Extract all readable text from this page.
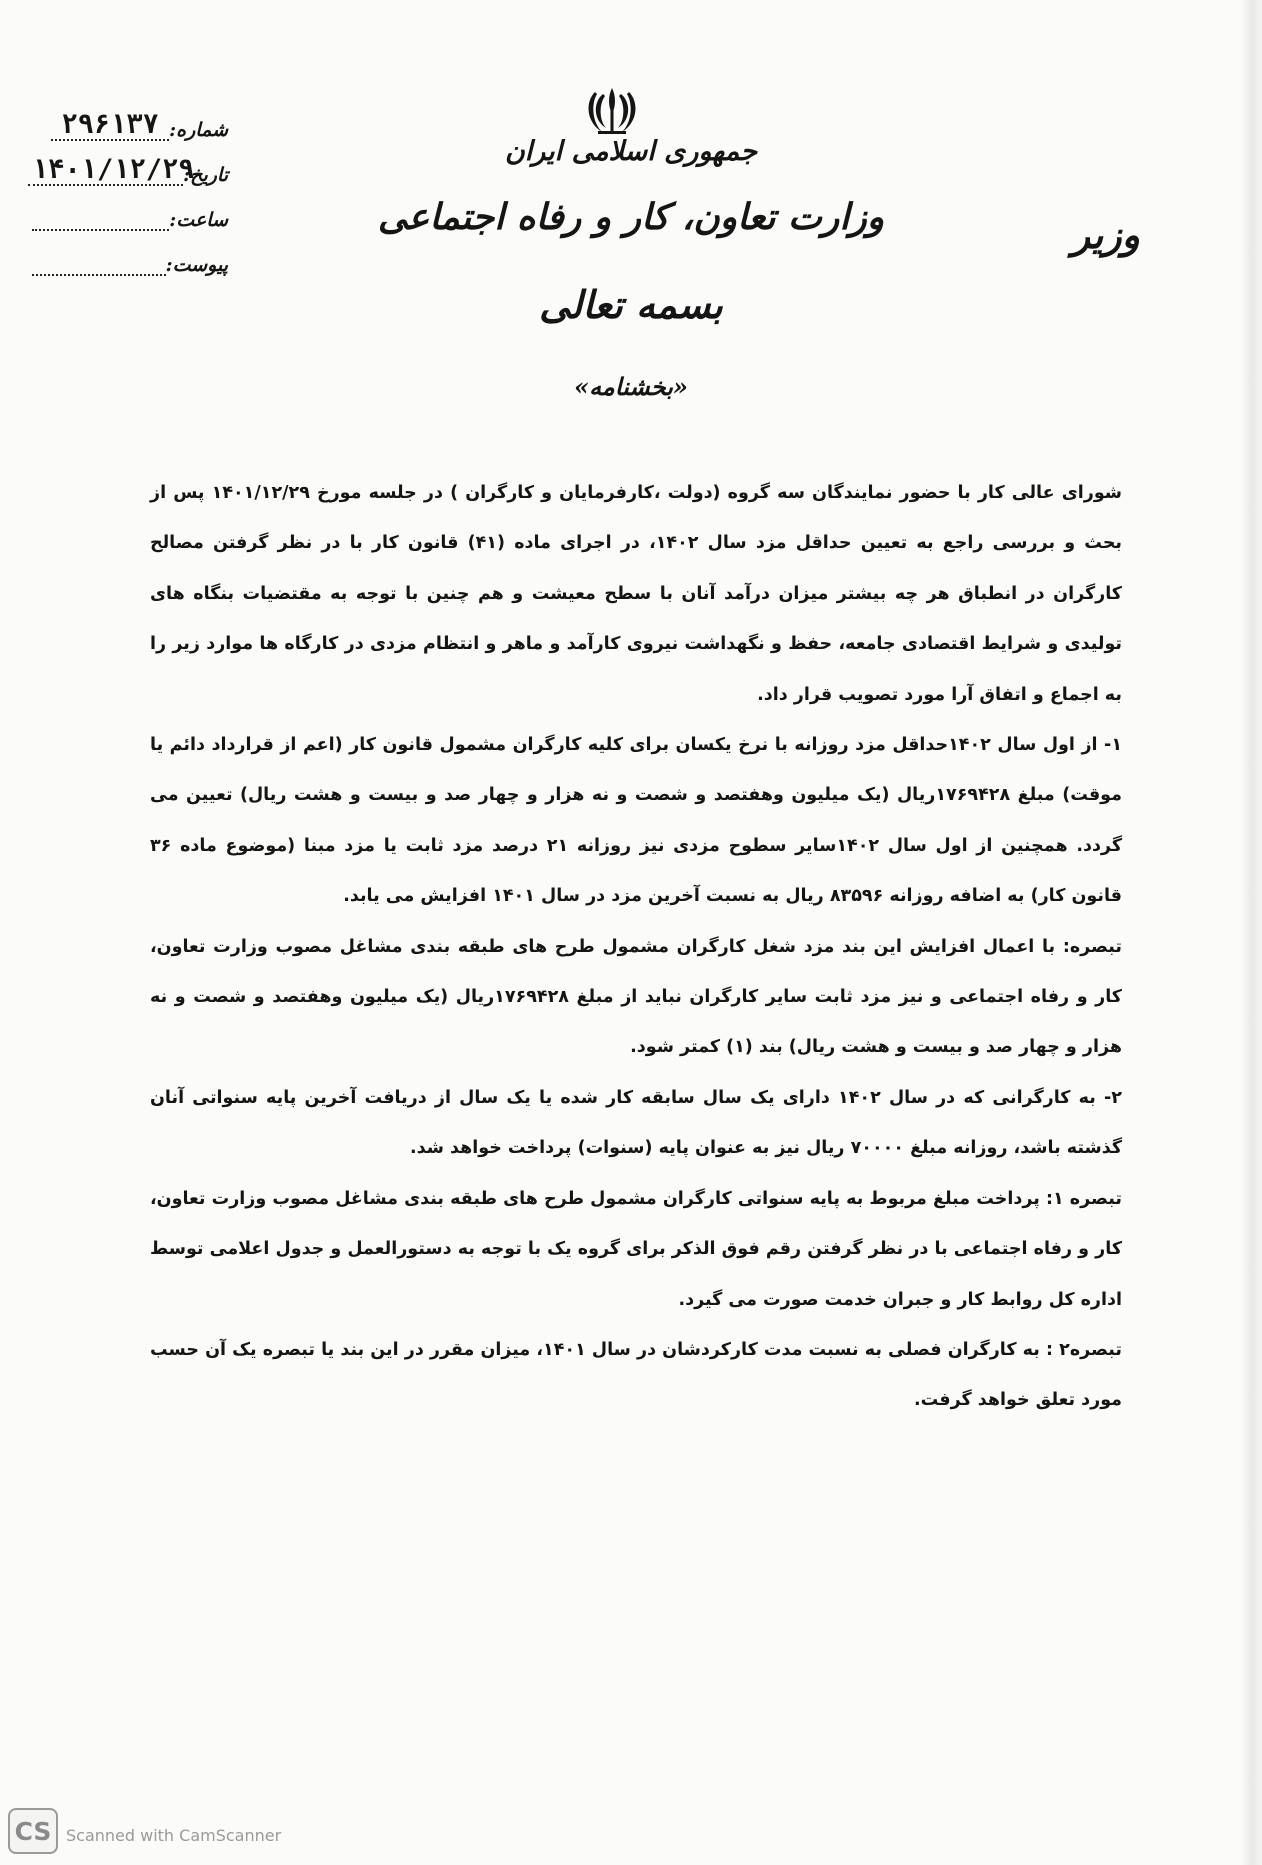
شماره:
۲۹۶۱۳۷
تاریخ:
۱۴۰۱/۱۲/۲۹
ساعت:
پیوست:
جمهوری اسلامی ایران
وزارت تعاون، کار و رفاه اجتماعی	وزیر
بسمه تعالی
«بخشنامه»

شورای عالی کار با حضور نمایندگان سه گروه (دولت ،کارفرمایان و کارگران ) در جلسه مورخ ۱۴۰۱/۱۲/۲۹ پس از بحث و بررسی راجع به تعیین حداقل مزد سال ۱۴۰۲، در اجرای ماده (۴۱) قانون کار با در نظر گرفتن مصالح کارگران در انطباق هر چه بیشتر میزان درآمد آنان با سطح معیشت و هم چنین با توجه به مقتضیات بنگاه های تولیدی و شرایط اقتصادی جامعه، حفظ و نگهداشت نیروی کارآمد و ماهر و انتظام مزدی در کارگاه ها موارد زیر را به اجماع و اتفاق آرا مورد تصویب قرار داد.

۱- از اول سال ۱۴۰۲حداقل مزد روزانه با نرخ یکسان برای کلیه کارگران مشمول قانون کار (اعم از قرارداد دائم یا موقت) مبلغ ۱۷۶۹۴۲۸ریال (یک میلیون وهفتصد و شصت و نه هزار و چهار صد و بیست و هشت ریال) تعیین می گردد. همچنین از اول سال ۱۴۰۲سایر سطوح مزدی نیز روزانه ۲۱ درصد مزد ثابت یا مزد مبنا (موضوع ماده ۳۶ قانون کار) به اضافه روزانه ۸۳۵۹۶ ریال به نسبت آخرین مزد در سال ۱۴۰۱ افزایش می یابد.

تبصره: با اعمال افزایش این بند مزد شغل کارگران مشمول طرح های طبقه بندی مشاغل مصوب وزارت تعاون، کار و رفاه اجتماعی و نیز مزد ثابت سایر کارگران نباید از مبلغ ۱۷۶۹۴۲۸ریال (یک میلیون وهفتصد و شصت و نه هزار و چهار صد و بیست و هشت ریال) بند (۱) کمتر شود.

۲- به کارگرانی که در سال ۱۴۰۲ دارای یک سال سابقه کار شده یا یک سال از دریافت آخرین پایه سنواتی آنان گذشته باشد، روزانه مبلغ ۷۰۰۰۰ ریال نیز به عنوان پایه (سنوات) پرداخت خواهد شد.

تبصره ۱: پرداخت مبلغ مربوط به پایه سنواتی کارگران مشمول طرح های طبقه بندی مشاغل مصوب وزارت تعاون، کار و رفاه اجتماعی با در نظر گرفتن رقم فوق الذکر برای گروه یک با توجه به دستورالعمل و جدول اعلامی توسط اداره کل روابط کار و جبران خدمت صورت می گیرد.

تبصره۲ : به کارگران فصلی به نسبت مدت کارکردشان در سال ۱۴۰۱، میزان مقرر در این بند یا تبصره یک آن حسب مورد تعلق خواهد گرفت.

CS Scanned with CamScanner
